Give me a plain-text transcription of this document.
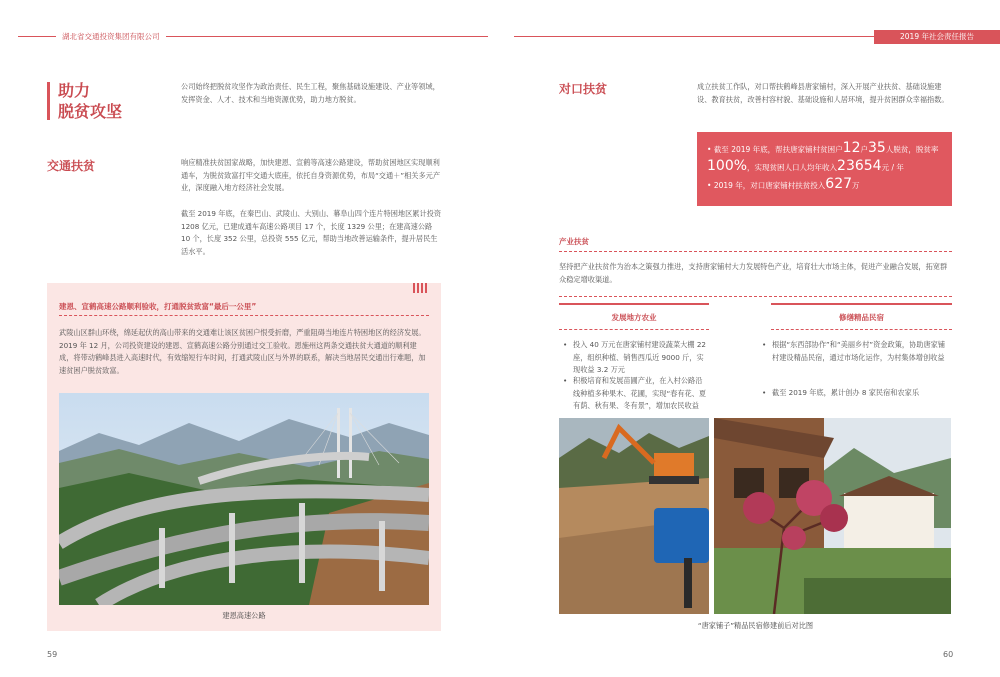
湖北省交通投资集团有限公司	2019 年社会责任报告
助力
脱贫攻坚

公司始终把脱贫攻坚作为政治责任、民生工程，聚焦基础设施建设、产业等领域，发挥资金、人才、技术和当地资源优势，助力地方脱贫。

交通扶贫	响应精准扶贫国家战略，加快建恩、宣鹤等高速公路建设，帮助贫困地区实现顺利通车，为脱贫致富打牢交通大底座，依托自身资源优势，布局“交通＋”相关多元产业，深度融入地方经济社会发展。

截至 2019 年底，在秦巴山、武陵山、大别山、幕阜山四个连片特困地区累计投资 1208 亿元，已建成通车高速公路项目 17 个，长度 1329 公里；在建高速公路 10 个，长度 352 公里，总投资 555 亿元，帮助当地改善运输条件，提升居民生活水平。

建恩、宣鹤高速公路顺利验收，打通脱贫致富“最后一公里”

武陵山区群山环绕，绵延起伏的高山带来的交通难让该区贫困户恨受折磨，严重阻碍当地连片特困地区的经济发展。2019 年 12 月，公司投资建设的建恩、宣鹤高速公路分别通过交工验收。恩施州这两条交通扶贫大通道的顺利建成，将带动鹤峰县进入高速时代，有效缩短行车时间，打通武陵山区与外界的联系，解决当地居民交通出行难题，加速贫困户脱贫致富。

建恩高速公路
59
对口扶贫	成立扶贫工作队，对口帮扶鹤峰县唐家铺村，深入开展产业扶贫、基础设施建设、教育扶贫，改善村容村貌、基础设施和人居环境，提升贫困群众幸福指数。

• 截至 2019 年底，帮扶唐家铺村贫困户12户35人脱贫，脱贫率100%，实现贫困人口人均年收入23654元 / 年

• 2019 年，对口唐家铺村扶贫投入627万

产业扶贫

坚持把产业扶贫作为治本之策强力推进，支持唐家铺村大力发展特色产业，培育壮大市场主体，促进产业融合发展，拓宽群众稳定增收渠道。

发展地方农业
• 投入 40 万元在唐家铺村建设蔬菜大棚 22 座，组织种植、销售西瓜近 9000 斤，实现收益 3.2 万元
• 积极培育和发展苗圃产业，在入村公路沿线种植多种果木、花圃，实现“春有花、夏有荫、秋有果、冬有景”，增加农民收益
修缮精品民宿
• 根据“东西部协作”和“美丽乡村”资金政策，协助唐家铺村建设精品民宿，通过市场化运作，为村集体增创收益
• 截至 2019 年底，累计创办 8 家民宿和农家乐
“唐家铺子”精品民宿修建前后对比图
60
